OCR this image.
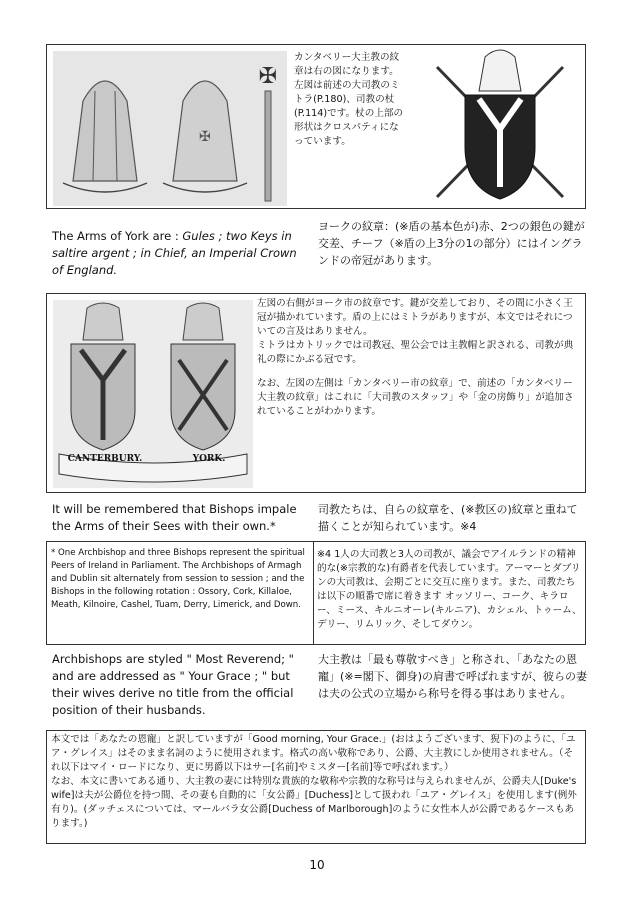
✠
✠
カンタベリー大主教の紋章は右の図になります。左図は前述の大司教のミトラ(P.180)、司教の杖(P.114)です。杖の上部の形状はクロスパティになっています。
✠
The Arms of York are : Gules ; two Keys in saltire argent ; in Chief, an Imperial Crown of England.
ヨークの紋章：(※盾の基本色が)赤、2つの銀色の鍵が交差、チーフ（※盾の上3分の1の部分）にはイングランドの帝冠があります。
CANTERBURY.	YORK.
左図の右側がヨーク市の紋章です。鍵が交差しており、その間に小さく王冠が描かれています。盾の上にはミトラがありますが、本文ではそれについての言及はありません。
ミトラはカトリックでは司教冠、聖公会では主教帽と訳される、司教が典礼の際にかぶる冠です。
なお、左図の左側は「カンタベリー市の紋章」で、前述の「カンタベリー大主教の紋章」はこれに「大司教のスタッフ」や「金の房飾り」が追加されていることがわかります。
It will be remembered that Bishops impale the Arms of their Sees with their own.*
司教たちは、自らの紋章を、(※教区の)紋章と重ねて描くことが知られています。※4
* One Archbishop and three Bishops represent the spiritual Peers of Ireland in Parliament. The Archbishops of Armagh and Dublin sit alternately from session to session ; and the Bishops in the following rotation : Ossory, Cork, Killaloe, Meath, Kilnoire, Cashel, Tuam, Derry, Limerick, and Down.
※4 1人の大司教と3人の司教が、議会でアイルランドの精神的な(※宗教的な)有爵者を代表しています。アーマーとダブリンの大司教は、会期ごとに交互に座ります。また、司教たちは以下の順番で席に着きます オッソリー、コーク、キラロー、ミース、キルニオーレ(キルニア)、カシェル、トゥーム、デリー、リムリック、そしてダウン。
Archbishops are styled " Most Reverend; " and are addressed as " Your Grace ; " but their wives derive no title from the official position of their husbands.
大主教は「最も尊敬すべき」と称され、「あなたの恩寵」(※=閣下、御身)の肩書で呼ばれますが、彼らの妻は夫の公式の立場から称号を得る事はありません。
本文では「あなたの恩寵」と訳していますが「Good morning, Your Grace.」(おはようございます、猊下)のように、「ユア・グレイス」はそのまま名詞のように使用されます。格式の高い敬称であり、公爵、大主教にしか使用されません。（それ以下はマイ・ロードになり、更に男爵以下はサー[名前]やミスター[名前]等で呼ばれます。）
なお、本文に書いてある通り、大主教の妻には特別な貴族的な敬称や宗教的な称号は与えられませんが、公爵夫人[Duke's wife]は夫が公爵位を持つ間、その妻も自動的に「女公爵」[Duchess]として扱われ「ユア・グレイス」を使用します(例外有り)。(ダッチェスについては、マールバラ女公爵[Duchess of Marlborough]のように女性本人が公爵であるケースもあります。)
10
